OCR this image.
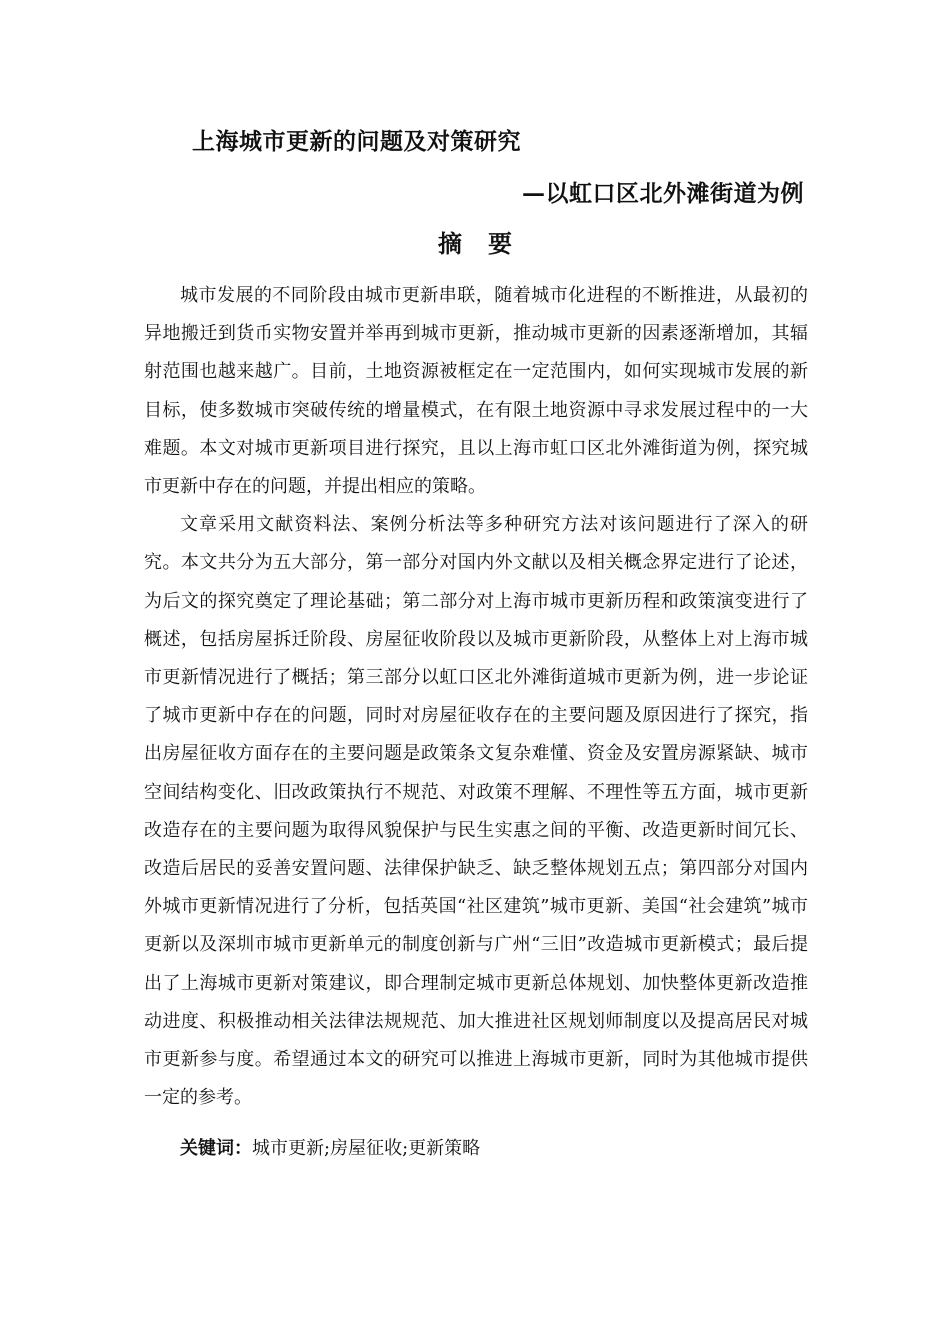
上海城市更新的问题及对策研究
—以虹口区北外滩街道为例
摘要

城市发展的不同阶段由城市更新串联，随着城市化进程的不断推进，从最初的异地搬迁到货币实物安置并举再到城市更新，推动城市更新的因素逐渐增加，其辐射范围也越来越广。目前，土地资源被框定在一定范围内，如何实现城市发展的新目标，使多数城市突破传统的增量模式，在有限土地资源中寻求发展过程中的一大难题。本文对城市更新项目进行探究，且以上海市虹口区北外滩街道为例，探究城市更新中存在的问题，并提出相应的策略。

文章采用文献资料法、案例分析法等多种研究方法对该问题进行了深入的研究。本文共分为五大部分，第一部分对国内外文献以及相关概念界定进行了论述，为后文的探究奠定了理论基础；第二部分对上海市城市更新历程和政策演变进行了概述，包括房屋拆迁阶段、房屋征收阶段以及城市更新阶段，从整体上对上海市城市更新情况进行了概括；第三部分以虹口区北外滩街道城市更新为例，进一步论证了城市更新中存在的问题，同时对房屋征收存在的主要问题及原因进行了探究，指出房屋征收方面存在的主要问题是政策条文复杂难懂、资金及安置房源紧缺、城市空间结构变化、旧改政策执行不规范、对政策不理解、不理性等五方面，城市更新改造存在的主要问题为取得风貌保护与民生实惠之间的平衡、改造更新时间冗长、改造后居民的妥善安置问题、法律保护缺乏、缺乏整体规划五点；第四部分对国内外城市更新情况进行了分析，包括英国“社区建筑”城市更新、美国“社会建筑”城市更新以及深圳市城市更新单元的制度创新与广州“三旧”改造城市更新模式；最后提出了上海城市更新对策建议，即合理制定城市更新总体规划、加快整体更新改造推动进度、积极推动相关法律法规规范、加大推进社区规划师制度以及提高居民对城市更新参与度。希望通过本文的研究可以推进上海城市更新，同时为其他城市提供一定的参考。

关键词：城市更新;房屋征收;更新策略
